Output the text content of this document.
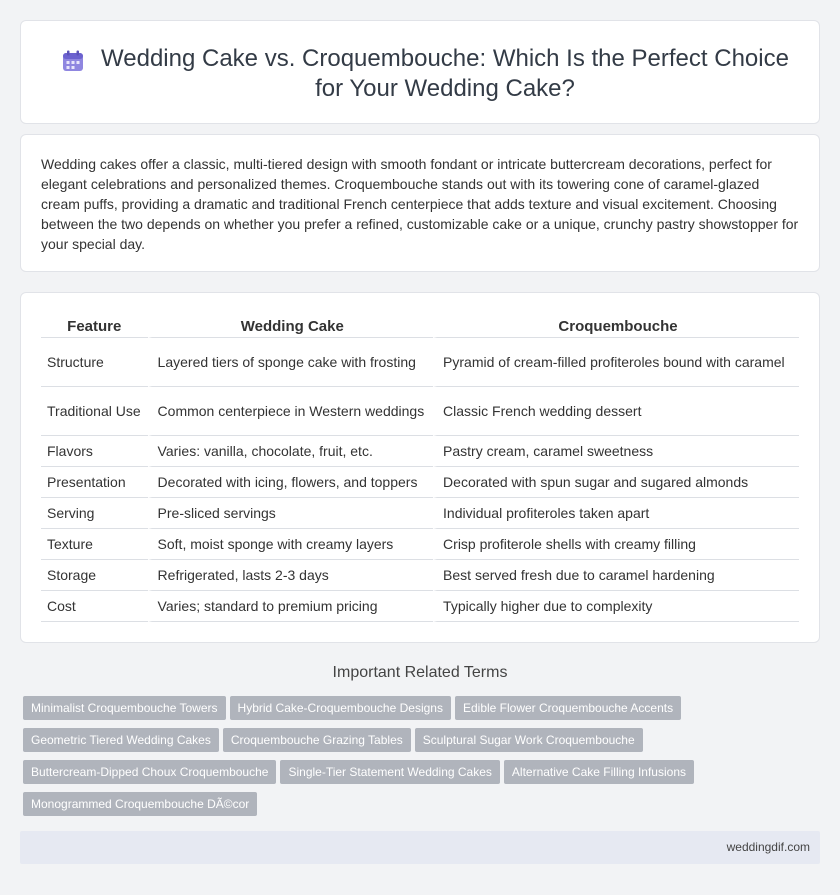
Wedding Cake vs. Croquembouche: Which Is the Perfect Choice for Your Wedding Cake?

Wedding cakes offer a classic, multi-tiered design with smooth fondant or intricate buttercream decorations, perfect for elegant celebrations and personalized themes. Croquembouche stands out with its towering cone of caramel-glazed cream puffs, providing a dramatic and traditional French centerpiece that adds texture and visual excitement. Choosing between the two depends on whether you prefer a refined, customizable cake or a unique, crunchy pastry showstopper for your special day.

Feature	Wedding Cake	Croquembouche
Structure	Layered tiers of sponge cake with frosting	Pyramid of cream-filled profiteroles bound with caramel
Traditional Use	Common centerpiece in Western weddings	Classic French wedding dessert
Flavors	Varies: vanilla, chocolate, fruit, etc.	Pastry cream, caramel sweetness
Presentation	Decorated with icing, flowers, and toppers	Decorated with spun sugar and sugared almonds
Serving	Pre-sliced servings	Individual profiteroles taken apart
Texture	Soft, moist sponge with creamy layers	Crisp profiterole shells with creamy filling
Storage	Refrigerated, lasts 2-3 days	Best served fresh due to caramel hardening
Cost	Varies; standard to premium pricing	Typically higher due to complexity
Important Related Terms
Minimalist Croquembouche Towers Hybrid Cake-Croquembouche Designs Edible Flower Croquembouche Accents
Geometric Tiered Wedding Cakes Croquembouche Grazing Tables Sculptural Sugar Work Croquembouche
Buttercream-Dipped Choux Croquembouche Single-Tier Statement Wedding Cakes Alternative Cake Filling Infusions
Monogrammed Croquembouche DÃ©cor
weddingdif.com
